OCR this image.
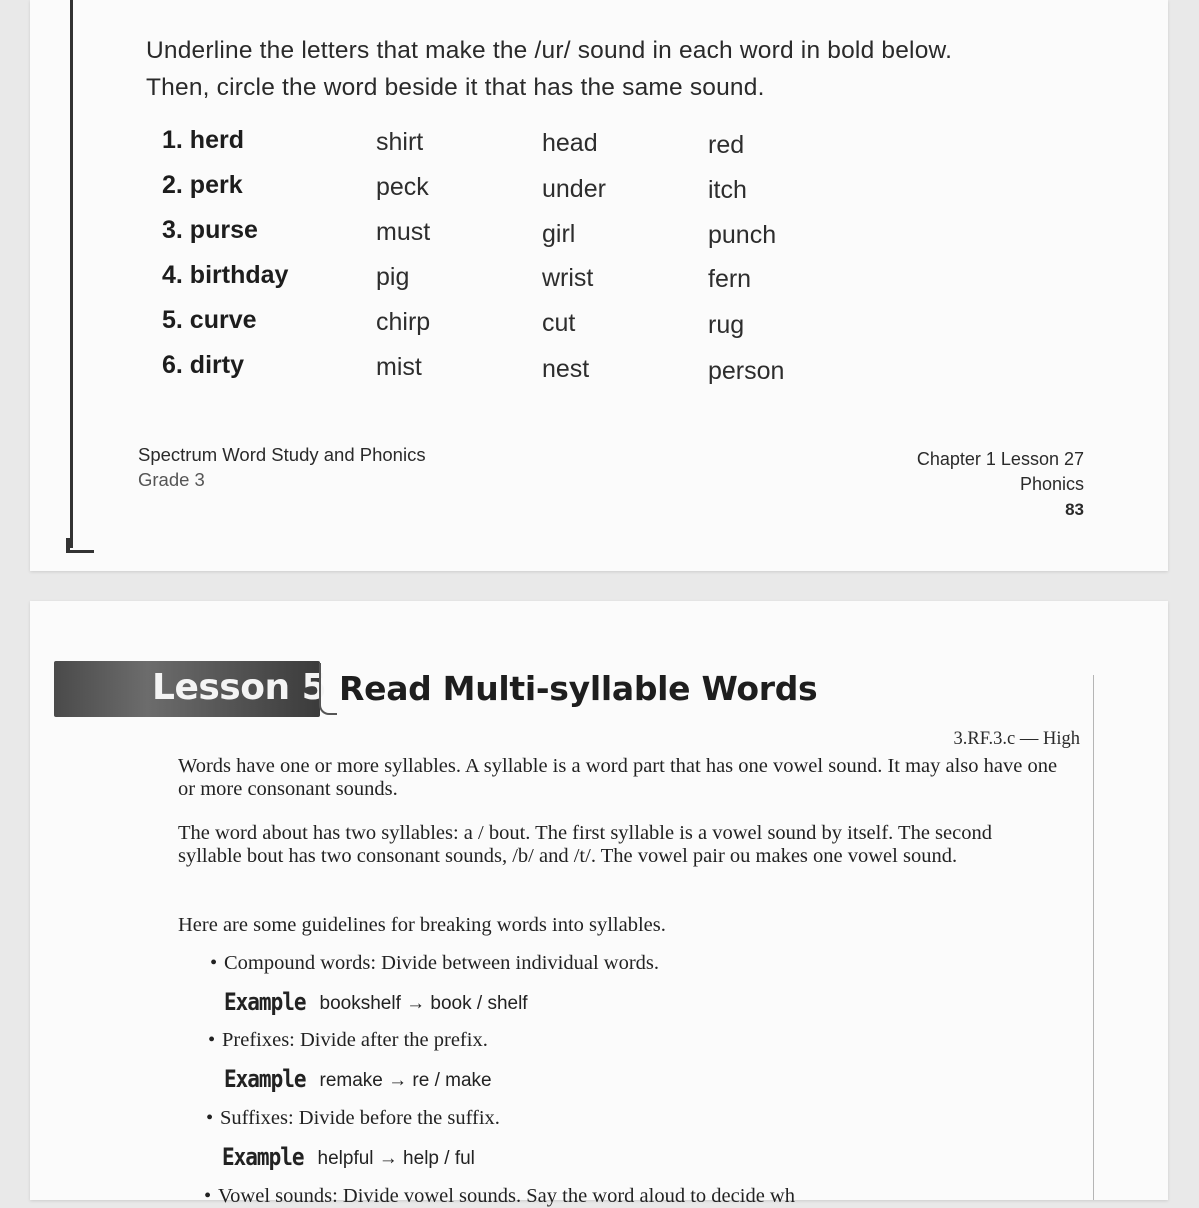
Underline the letters that make the /ur/ sound in each word in bold below.
Then, circle the word beside it that has the same sound.
1. herd	shirt	head	red
2. perk	peck	under	itch
3. purse	must	girl	punch
4. birthday	pig	wrist	fern
5. curve	chirp	cut	rug
6. dirty	mist	nest	person
Spectrum Word Study and Phonics
Grade 3
Chapter 1 Lesson 27
Phonics
83
Lesson 5 Read Multi-syllable Words
3.RF.3.c — High
Words have one or more syllables. A syllable is a word part that has one vowel sound. It may also have one or more consonant sounds.
The word about has two syllables: a / bout. The first syllable is a vowel sound by itself. The second syllable bout has two consonant sounds, /b/ and /t/. The vowel pair ou makes one vowel sound.
Here are some guidelines for breaking words into syllables.
• Compound words: Divide between individual words.
Example bookshelf → book / shelf
• Prefixes: Divide after the prefix.
Example remake → re / make
• Suffixes: Divide before the suffix.
Example helpful → help / ful
• Vowel sounds: Divide vowel sounds. Say the word aloud to decide wh
